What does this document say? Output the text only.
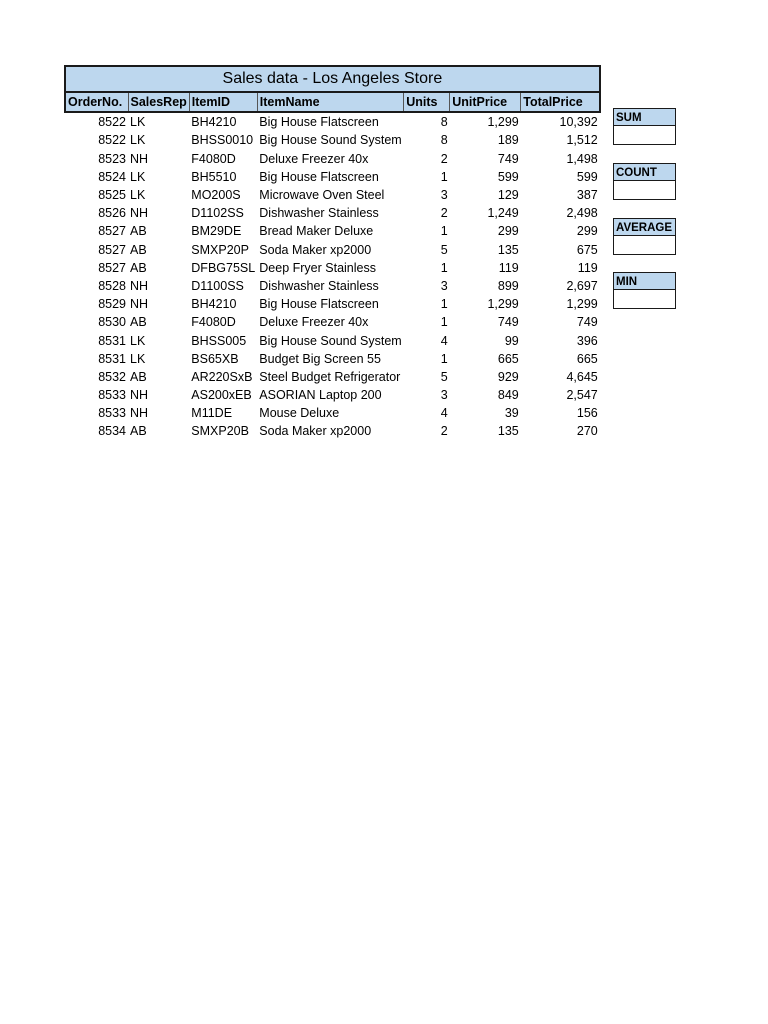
Sales data - Los Angeles Store						
OrderNo.	SalesRep	ItemID	ItemName	Units	UnitPrice	TotalPrice
8522	LK	BH4210	Big House Flatscreen	8	1,299	10,392
8522	LK	BHSS0010	Big House Sound System	8	189	1,512
8523	NH	F4080D	Deluxe Freezer 40x	2	749	1,498
8524	LK	BH5510	Big House Flatscreen	1	599	599
8525	LK	MO200S	Microwave Oven Steel	3	129	387
8526	NH	D1102SS	Dishwasher Stainless	2	1,249	2,498
8527	AB	BM29DE	Bread Maker Deluxe	1	299	299
8527	AB	SMXP20P	Soda Maker xp2000	5	135	675
8527	AB	DFBG75SL	Deep Fryer Stainless	1	119	119
8528	NH	D1100SS	Dishwasher Stainless	3	899	2,697
8529	NH	BH4210	Big House Flatscreen	1	1,299	1,299
8530	AB	F4080D	Deluxe Freezer 40x	1	749	749
8531	LK	BHSS005	Big House Sound System	4	99	396
8531	LK	BS65XB	Budget Big Screen 55	1	665	665
8532	AB	AR220SxB	Steel Budget Refrigerator	5	929	4,645
8533	NH	AS200xEB	ASORIAN Laptop 200	3	849	2,547
8533	NH	M11DE	Mouse Deluxe	4	39	156
8534	AB	SMXP20B	Soda Maker xp2000	2	135	270
SUM
COUNT
AVERAGE
MIN
